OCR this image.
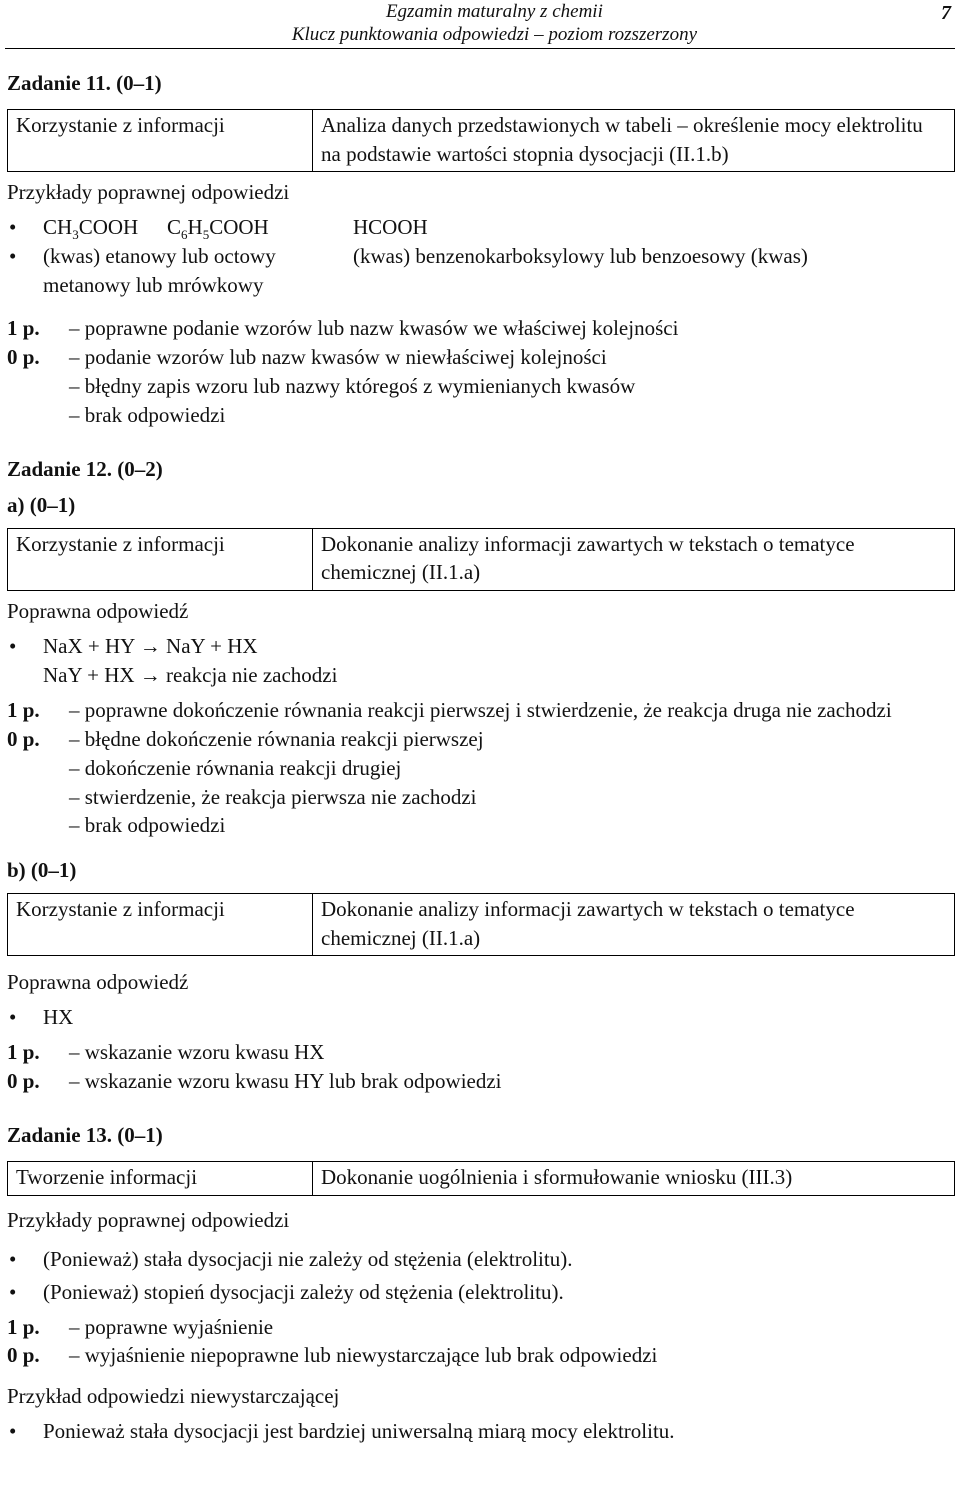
Egzamin maturalny z chemii
Klucz punktowania odpowiedzi – poziom rozszerzony
7
Zadanie 11. (0–1)
Korzystanie z informacji	Analiza danych przedstawionych w tabeli – określenie mocy elektrolitu na podstawie wartości stopnia dysocjacji (II.1.b)
Przykłady poprawnej odpowiedzi
• $CH_3COOH$ $C_6H_5COOH$	HCOOH
• (kwas) etanowy lub octowy	(kwas) benzenokarboksylowy lub benzoesowy (kwas)
metanowy lub mrówkowy
1 p. – poprawne podanie wzorów lub nazw kwasów we właściwej kolejności
0 p. – podanie wzorów lub nazw kwasów w niewłaściwej kolejności
– błędny zapis wzoru lub nazwy któregoś z wymienianych kwasów
– brak odpowiedzi
Zadanie 12. (0–2)
a) (0–1)
Korzystanie z informacji	Dokonanie analizy informacji zawartych w tekstach o tematyce chemicznej (II.1.a)
Poprawna odpowiedź
• NaX + HY → NaY + HX
NaY + HX → reakcja nie zachodzi
1 p. – poprawne dokończenie równania reakcji pierwszej i stwierdzenie, że reakcja druga nie zachodzi
0 p. – błędne dokończenie równania reakcji pierwszej
– dokończenie równania reakcji drugiej
– stwierdzenie, że reakcja pierwsza nie zachodzi
– brak odpowiedzi
b) (0–1)
Korzystanie z informacji	Dokonanie analizy informacji zawartych w tekstach o tematyce chemicznej (II.1.a)
Poprawna odpowiedź
• HX
1 p. – wskazanie wzoru kwasu HX
0 p. – wskazanie wzoru kwasu HY lub brak odpowiedzi
Zadanie 13. (0–1)
Tworzenie informacji	Dokonanie uogólnienia i sformułowanie wniosku (III.3)
Przykłady poprawnej odpowiedzi
• (Ponieważ) stała dysocjacji nie zależy od stężenia (elektrolitu).
• (Ponieważ) stopień dysocjacji zależy od stężenia (elektrolitu).
1 p. – poprawne wyjaśnienie
0 p. – wyjaśnienie niepoprawne lub niewystarczające lub brak odpowiedzi
Przykład odpowiedzi niewystarczającej
• Ponieważ stała dysocjacji jest bardziej uniwersalną miarą mocy elektrolitu.
